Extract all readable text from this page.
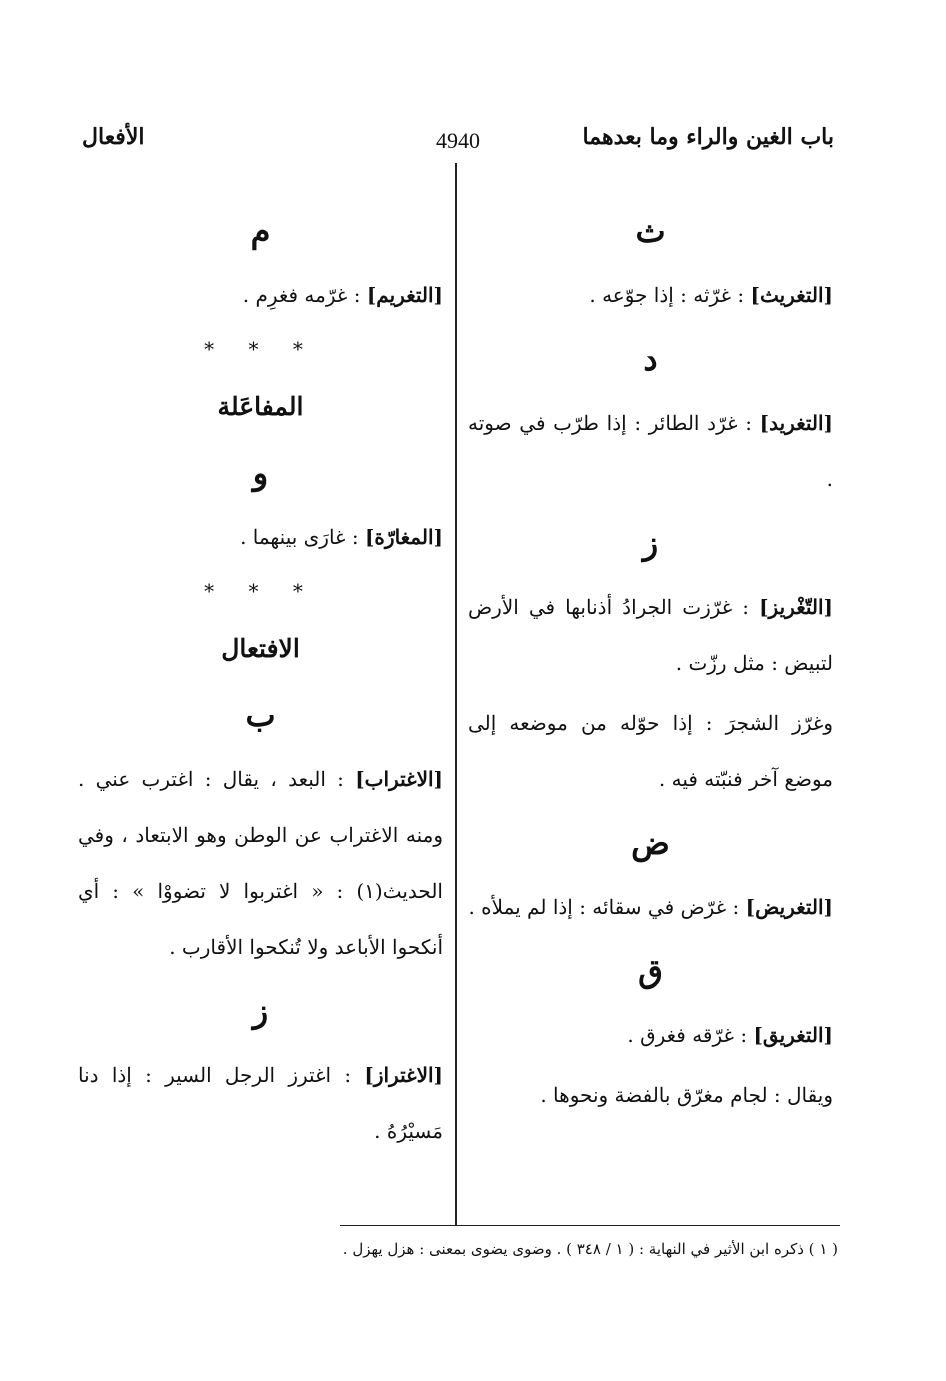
باب الغين والراء وما بعدهما
4940
الأفعال
ث
[التغريث] : غرّثه : إذا جوّعه .
د
[التغريد] : غرّد الطائر : إذا طرّب في صوته .
ز
[التّغْريز] : غرّزت الجرادُ أذنابها في الأرض لتبيض : مثل رزّت .
وغرّز الشجرَ : إذا حوّله من موضعه إلى موضع آخر فنبّته فيه .
ض
[التغريض] : غرّض في سقائه : إذا لم يملأه .
ق
[التغريق] : غرّقه فغرق .
ويقال : لجام مغرّق بالفضة ونحوها .
م
[التغريم] : غرّمه فغرِم .
* * *
المفاعَلة
و
[المغارّة] : غارَى بينهما .
* * *
الافتعال
ب
[الاغتراب] : البعد ، يقال : اغترب عني . ومنه الاغتراب عن الوطن وهو الابتعاد ، وفي الحديث(١) : « اغتربوا لا تضووْا » : أي أنكحوا الأباعد ولا تُنكحوا الأقارب .
ز
[الاغتراز] : اغترز الرجل السير : إذا دنا مَسيْرُهُ .
( ١ ) ذكره ابن الأثير في النهاية : ( ١ / ٣٤٨ ) . وضوى يضوى بمعنى : هزل يهزل .
